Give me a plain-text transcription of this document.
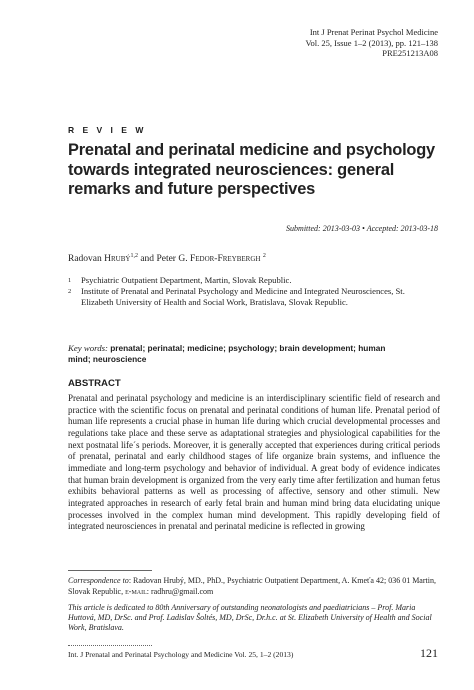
Int J Prenat Perinat Psychol Medicine
Vol. 25, Issue 1–2 (2013), pp. 121–138
PRE251213A08
R E V I E W
Prenatal and perinatal medicine and psychology towards integrated neurosciences: general remarks and future perspectives
Submitted: 2013-03-03 • Accepted: 2013-03-18
Radovan Hrubý$^{1,2}$ and Peter G. Fedor-Freybergh $^2$
1 Psychiatric Outpatient Department, Martin, Slovak Republic.
2 Institute of Prenatal and Perinatal Psychology and Medicine and Integrated Neurosciences, St. Elizabeth University of Health and Social Work, Bratislava, Slovak Republic.
Key words: prenatal; perinatal; medicine; psychology; brain development; human mind; neuroscience
ABSTRACT
Prenatal and perinatal psychology and medicine is an interdisciplinary scientific field of research and practice with the scientific focus on prenatal and perinatal conditions of human life. Prenatal period of human life represents a crucial phase in human life during which crucial developmental processes and regulations take place and these serve as adaptational strategies and physiological capabilities for the next postnatal life´s periods. Moreover, it is generally accepted that experiences during critical periods of prenatal, perinatal and early childhood stages of life organize brain systems, and influence the immediate and long-term psychology and behavior of individual. A great body of evidence indicates that human brain development is organized from the very early time after fertilization and human fetus exhibits behavioral patterns as well as processing of affective, sensory and other stimuli. New integrated approaches in research of early fetal brain and human mind bring data elucidating unique processes involved in the complex human mind development. This rapidly developing field of integrated neurosciences in prenatal and perinatal medicine is reflected in growing
Correspondence to: Radovan Hrubý, MD., PhD., Psychiatric Outpatient Department, A. Kmeťa 42; 036 01 Martin, Slovak Republic, e-mail: radhru@gmail.com
This article is dedicated to 80th Anniversary of outstanding neonatologists and paediatricians – Prof. Maria Huttová, MD, DrSc. and Prof. Ladislav Šoltés, MD, DrSc, Dr.h.c. at St. Elizabeth University of Health and Social Work, Bratislava.
Int. J Prenatal and Perinatal Psychology and Medicine Vol. 25, 1–2 (2013)	121
